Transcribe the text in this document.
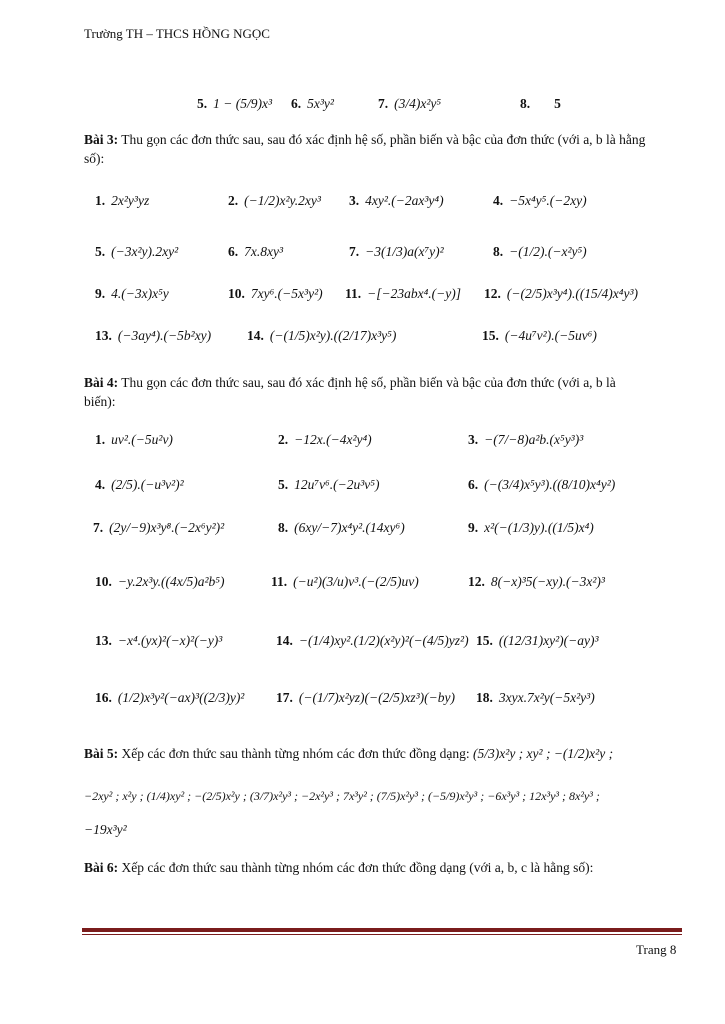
Trường TH – THCS HỒNG NGỌC
5. 1 − (5/9)x³ 6. 5x³y²	7. (3/4)x²y⁵	8. 5
Bài 3: Thu gọn các đơn thức sau, sau đó xác định hệ số, phần biến và bậc của đơn thức (với a, b là hằng số):
1. 2x²y³yz	2. (−1/2)x²y.2xy³ 3. 4xy².(−2ax³y⁴)	4. −5x⁴y⁵.(−2xy)
5. (−3x²y).2xy²	6. 7x.8xy³	7. −3(1/3)a(x⁷y)²	8. −(1/2).(−x²y⁵)
9. 4.(−3x)x⁵y	10. 7xy⁶.(−5x³y²) 11. −[−23abx⁴.(−y)] 12. (−(2/5)x³y⁴).((15/4)x⁴y³)
13. (−3ay⁴).(−5b²xy)	14. (−(1/5)x²y).((2/17)x³y⁵)	15. (−4u⁷v²).(−5uv⁶)
Bài 4: Thu gọn các đơn thức sau, sau đó xác định hệ số, phần biến và bậc của đơn thức (với a, b là biến):
1. uv².(−5u²v)	2. −12x.(−4x²y⁴)	3. −(7/−8)a²b.(x⁵y³)³
4. (2/5).(−u³v²)²	5. 12u⁷v⁶.(−2u³v⁵)	6. (−(3/4)x⁵y³).((8/10)x⁴y²)
7. (2y/−9)x³y⁸.(−2x⁶y²)²	8. (6xy/−7)x⁴y².(14xy⁶)	9. x²(−(1/3)y).((1/5)x⁴)
10. −y.2x³y.((4x/5)a²b⁵)	11. (−u²)(3/u)v³.(−(2/5)uv)	12. 8(−x)³5(−xy).(−3x²)³
13. −x⁴.(yx)²(−x)²(−y)³	14. −(1/4)xy².(1/2)(x²y)²(−(4/5)yz²) 15. ((12/31)xy²)(−ay)³
16. (1/2)x³y²(−ax)³((2/3)y)² 17. (−(1/7)x²yz)(−(2/5)xz³)(−by) 18. 3xyx.7x²y(−5x²y³)
Bài 5: Xếp các đơn thức sau thành từng nhóm các đơn thức đồng dạng: (5/3)x²y ; xy² ; −(1/2)x²y ;
−2xy² ; x²y ; (1/4)xy² ; −(2/5)x²y ; (3/7)x²y³ ; −2x²y³ ; 7x³y² ; (7/5)x²y³ ; (−5/9)x²y³ ; −6x³y³ ; 12x³y³ ; 8x²y³ ;
−19x³y²
Bài 6: Xếp các đơn thức sau thành từng nhóm các đơn thức đồng dạng (với a, b, c là hằng số):
Trang 8
